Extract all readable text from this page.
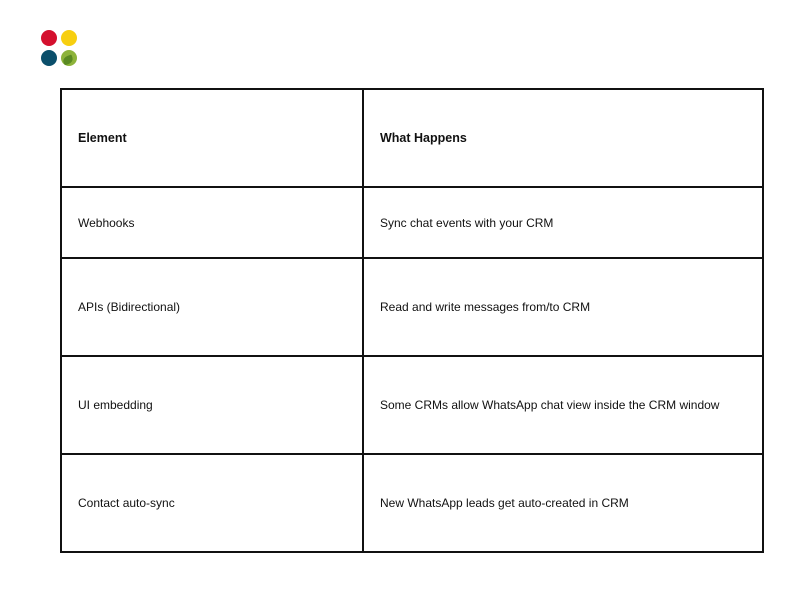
Element	What Happens
Webhooks	Sync chat events with your CRM
APIs (Bidirectional)	Read and write messages from/to CRM
UI embedding	Some CRMs allow WhatsApp chat view inside the CRM window
Contact auto-sync	New WhatsApp leads get auto-created in CRM
